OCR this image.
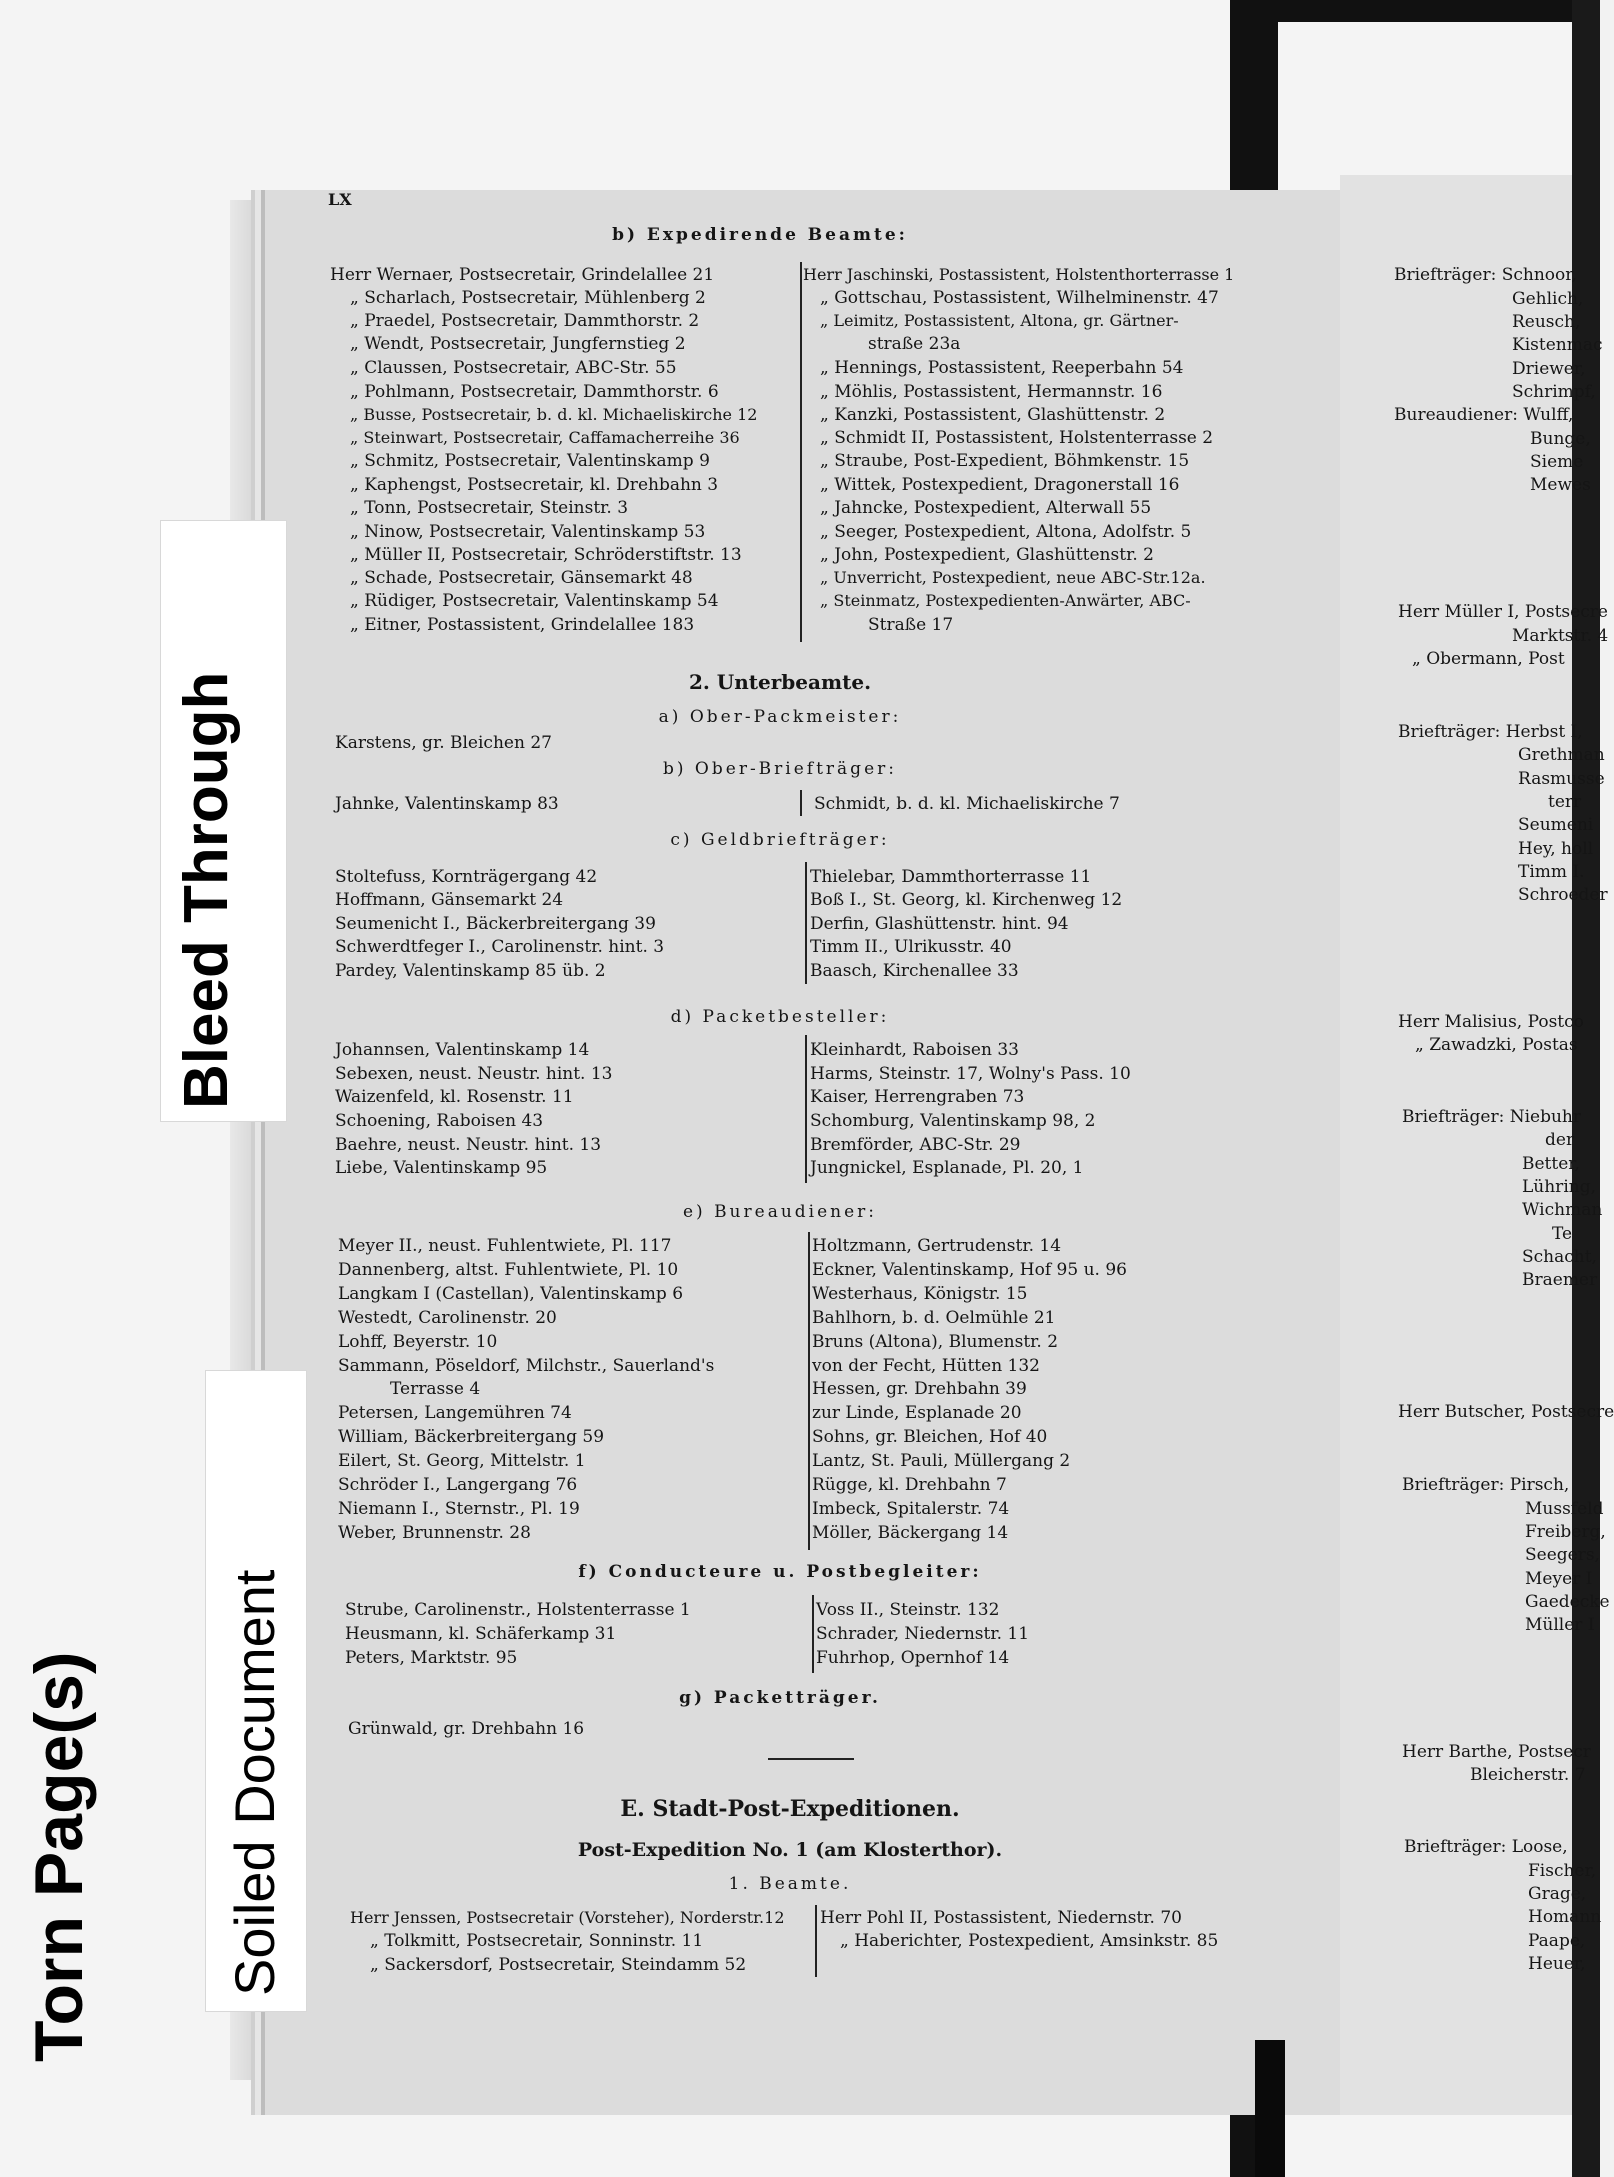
Bleed Through
Soiled Document
Torn Page(s)
LX
b) Expedirende Beamte:
Herr Wernaer, Postsecretair, Grindelallee 21
„ Scharlach, Postsecretair, Mühlenberg 2
„ Praedel, Postsecretair, Dammthorstr. 2
„ Wendt, Postsecretair, Jungfernstieg 2
„ Claussen, Postsecretair, ABC-Str. 55
„ Pohlmann, Postsecretair, Dammthorstr. 6
„ Busse, Postsecretair, b. d. kl. Michaeliskirche 12
„ Steinwart, Postsecretair, Caffamacherreihe 36
„ Schmitz, Postsecretair, Valentinskamp 9
„ Kaphengst, Postsecretair, kl. Drehbahn 3
„ Tonn, Postsecretair, Steinstr. 3
„ Ninow, Postsecretair, Valentinskamp 53
„ Müller II, Postsecretair, Schröderstiftstr. 13
„ Schade, Postsecretair, Gänsemarkt 48
„ Rüdiger, Postsecretair, Valentinskamp 54
„ Eitner, Postassistent, Grindelallee 183
Herr Jaschinski, Postassistent, Holstenthorterrasse 1
„ Gottschau, Postassistent, Wilhelminenstr. 47
„ Leimitz, Postassistent, Altona, gr. Gärtner-
straße 23a
„ Hennings, Postassistent, Reeperbahn 54
„ Möhlis, Postassistent, Hermannstr. 16
„ Kanzki, Postassistent, Glashüttenstr. 2
„ Schmidt II, Postassistent, Holstenterrasse 2
„ Straube, Post-Expedient, Böhmkenstr. 15
„ Wittek, Postexpedient, Dragonerstall 16
„ Jahncke, Postexpedient, Alterwall 55
„ Seeger, Postexpedient, Altona, Adolfstr. 5
„ John, Postexpedient, Glashüttenstr. 2
„ Unverricht, Postexpedient, neue ABC-Str.12a.
„ Steinmatz, Postexpedienten-Anwärter, ABC-
Straße 17
2. Unterbeamte.
a) Ober-Packmeister:
Karstens, gr. Bleichen 27
b) Ober-Briefträger:
Jahnke, Valentinskamp 83	Schmidt, b. d. kl. Michaeliskirche 7
c) Geldbriefträger:
Stoltefuss, Kornträgergang 42
Hoffmann, Gänsemarkt 24
Seumenicht I., Bäckerbreitergang 39
Schwerdtfeger I., Carolinenstr. hint. 3
Pardey, Valentinskamp 85 üb. 2
Thielebar, Dammthorterrasse 11
Boß I., St. Georg, kl. Kirchenweg 12
Derfin, Glashüttenstr. hint. 94
Timm II., Ulrikusstr. 40
Baasch, Kirchenallee 33
d) Packetbesteller:
Johannsen, Valentinskamp 14
Sebexen, neust. Neustr. hint. 13
Waizenfeld, kl. Rosenstr. 11
Schoening, Raboisen 43
Baehre, neust. Neustr. hint. 13
Liebe, Valentinskamp 95
Kleinhardt, Raboisen 33
Harms, Steinstr. 17, Wolny's Pass. 10
Kaiser, Herrengraben 73
Schomburg, Valentinskamp 98, 2
Bremförder, ABC-Str. 29
Jungnickel, Esplanade, Pl. 20, 1
e) Bureaudiener:
Meyer II., neust. Fuhlentwiete, Pl. 117
Dannenberg, altst. Fuhlentwiete, Pl. 10
Langkam I (Castellan), Valentinskamp 6
Westedt, Carolinenstr. 20
Lohff, Beyerstr. 10
Sammann, Pöseldorf, Milchstr., Sauerland's
Terrasse 4
Petersen, Langemühren 74
William, Bäckerbreitergang 59
Eilert, St. Georg, Mittelstr. 1
Schröder I., Langergang 76
Niemann I., Sternstr., Pl. 19
Weber, Brunnenstr. 28
Holtzmann, Gertrudenstr. 14
Eckner, Valentinskamp, Hof 95 u. 96
Westerhaus, Königstr. 15
Bahlhorn, b. d. Oelmühle 21
Bruns (Altona), Blumenstr. 2
von der Fecht, Hütten 132
Hessen, gr. Drehbahn 39
zur Linde, Esplanade 20
Sohns, gr. Bleichen, Hof 40
Lantz, St. Pauli, Müllergang 2
Rügge, kl. Drehbahn 7
Imbeck, Spitalerstr. 74
Möller, Bäckergang 14
f) Conducteure u. Postbegleiter:
Strube, Carolinenstr., Holstenterrasse 1
Heusmann, kl. Schäferkamp 31
Peters, Marktstr. 95
Voss II., Steinstr. 132
Schrader, Niedernstr. 11
Fuhrhop, Opernhof 14
g) Packetträger.
Grünwald, gr. Drehbahn 16
E. Stadt-Post-Expeditionen.
Post-Expedition No. 1 (am Klosterthor).
1. Beamte.
Herr Jenssen, Postsecretair (Vorsteher), Norderstr.12
„ Tolkmitt, Postsecretair, Sonninstr. 11
„ Sackersdorf, Postsecretair, Steindamm 52
Herr Pohl II, Postassistent, Niedernstr. 70
„ Haberichter, Postexpedient, Amsinkstr. 85
Briefträger: Schnoor,
Gehlich,
Reusch,
Kistenmac
Driewer,
Schrimpf,
Bureaudiener: Wulff,
Bunge,
Sieme
Mewes
Herr Müller I, Postsecre
Marktstr. 4
„ Obermann, Post
Briefträger: Herbst I,
Grethman
Rasmusse
terr
Seumeni
Hey, holl
Timm I.
Schroeder
Herr Malisius, Postco
„ Zawadzki, Postas
Briefträger: Niebuhr
der
Better,
Lühring,
Wichman
Te
Schacht,
Braemer
Herr Butscher, Postsecre
Briefträger: Pirsch,
Mussfeld
Freiberg,
Seegers,
Meyer I
Gaedecke
Müller I
Herr Barthe, Postsecr
Bleicherstr. 7
Briefträger: Loose,
Fischer,
Grage,
Homann
Paape,
Heuer,
